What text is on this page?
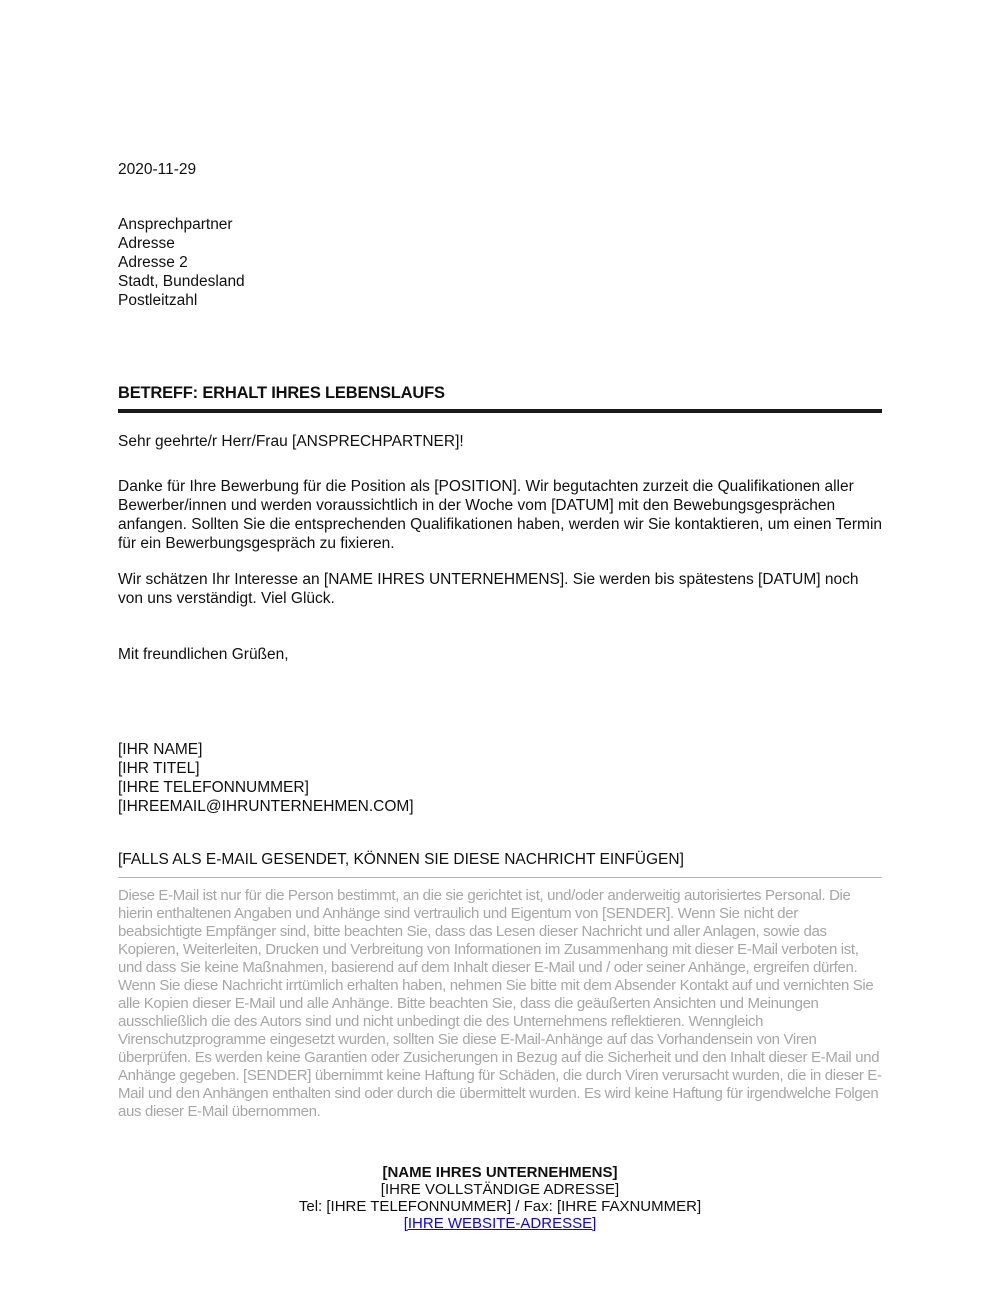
2020-11-29
Ansprechpartner
Adresse
Adresse 2
Stadt, Bundesland
Postleitzahl
BETREFF: ERHALT IHRES LEBENSLAUFS
Sehr geehrte/r Herr/Frau [ANSPRECHPARTNER]!
Danke für Ihre Bewerbung für die Position als [POSITION]. Wir begutachten zurzeit die Qualifikationen aller Bewerber/innen und werden voraussichtlich in der Woche vom [DATUM] mit den Bewebungsgesprächen anfangen. Sollten Sie die entsprechenden Qualifikationen haben, werden wir Sie kontaktieren, um einen Termin für ein Bewerbungsgespräch zu fixieren.
Wir schätzen Ihr Interesse an [NAME IHRES UNTERNEHMENS]. Sie werden bis spätestens [DATUM] noch von uns verständigt. Viel Glück.
Mit freundlichen Grüßen,
[IHR NAME]
[IHR TITEL]
[IHRE TELEFONNUMMER]
[IHREEMAIL@IHRUNTERNEHMEN.COM]
[FALLS ALS E-MAIL GESENDET, KÖNNEN SIE DIESE NACHRICHT EINFÜGEN]
Diese E-Mail ist nur für die Person bestimmt, an die sie gerichtet ist, und/oder anderweitig autorisiertes Personal. Die hierin enthaltenen Angaben und Anhänge sind vertraulich und Eigentum von [SENDER]. Wenn Sie nicht der beabsichtigte Empfänger sind, bitte beachten Sie, dass das Lesen dieser Nachricht und aller Anlagen, sowie das Kopieren, Weiterleiten, Drucken und Verbreitung von Informationen im Zusammenhang mit dieser E-Mail verboten ist, und dass Sie keine Maßnahmen, basierend auf dem Inhalt dieser E-Mail und / oder seiner Anhänge, ergreifen dürfen. Wenn Sie diese Nachricht irrtümlich erhalten haben, nehmen Sie bitte mit dem Absender Kontakt auf und vernichten Sie alle Kopien dieser E-Mail und alle Anhänge. Bitte beachten Sie, dass die geäußerten Ansichten und Meinungen ausschließlich die des Autors sind und nicht unbedingt die des Unternehmens reflektieren. Wenngleich Virenschutzprogramme eingesetzt wurden, sollten Sie diese E-Mail-Anhänge auf das Vorhandensein von Viren überprüfen. Es werden keine Garantien oder Zusicherungen in Bezug auf die Sicherheit und den Inhalt dieser E-Mail und Anhänge gegeben. [SENDER] übernimmt keine Haftung für Schäden, die durch Viren verursacht wurden, die in dieser E-Mail und den Anhängen enthalten sind oder durch die übermittelt wurden. Es wird keine Haftung für irgendwelche Folgen aus dieser E-Mail übernommen.
[NAME IHRES UNTERNEHMENS]
[IHRE VOLLSTÄNDIGE ADRESSE]
Tel: [IHRE TELEFONNUMMER] / Fax: [IHRE FAXNUMMER]
[IHRE WEBSITE-ADRESSE]
